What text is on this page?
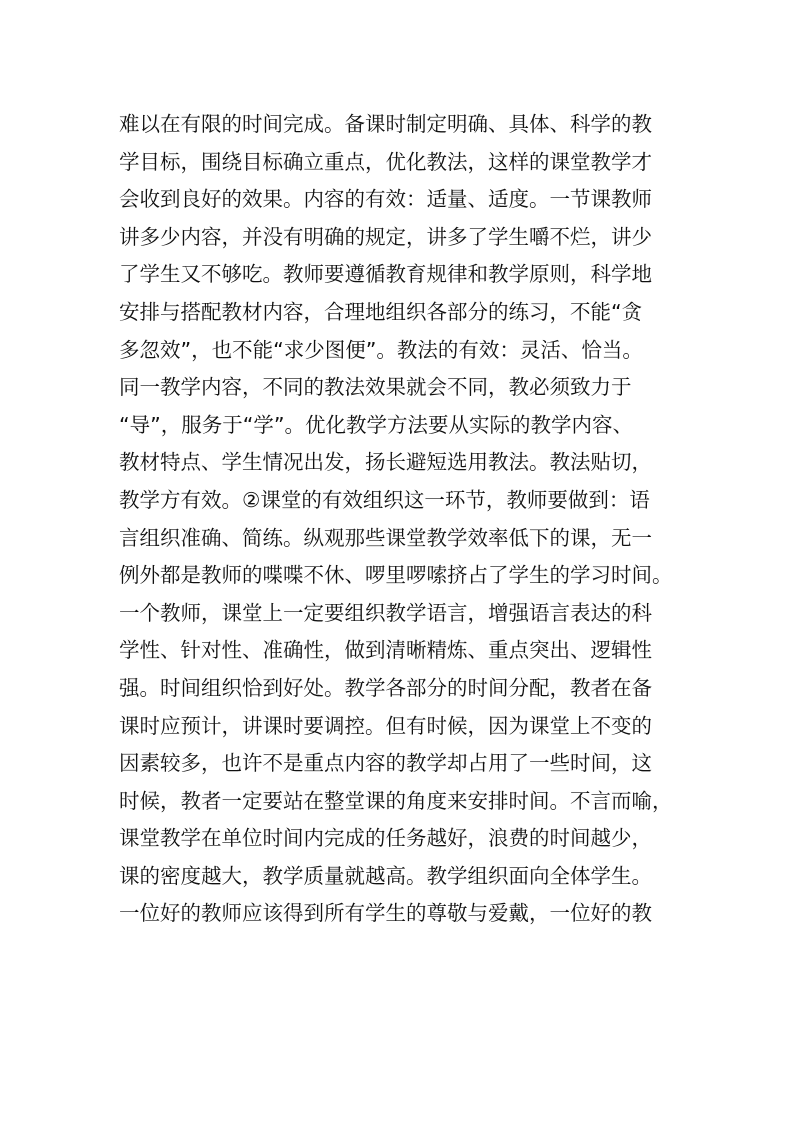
难以在有限的时间完成。备课时制定明确、具体、科学的教
学目标，围绕目标确立重点，优化教法，这样的课堂教学才
会收到良好的效果。内容的有效：适量、适度。一节课教师
讲多少内容，并没有明确的规定，讲多了学生嚼不烂，讲少
了学生又不够吃。教师要遵循教育规律和教学原则，科学地
安排与搭配教材内容，合理地组织各部分的练习，不能“贪
多忽效”，也不能“求少图便”。教法的有效：灵活、恰当。
同一教学内容，不同的教法效果就会不同，教必须致力于
“导”，服务于“学”。优化教学方法要从实际的教学内容、
教材特点、学生情况出发，扬长避短选用教法。教法贴切，
教学方有效。②课堂的有效组织这一环节，教师要做到：语
言组织准确、简练。纵观那些课堂教学效率低下的课，无一
例外都是教师的喋喋不休、啰里啰嗦挤占了学生的学习时间。
一个教师，课堂上一定要组织教学语言，增强语言表达的科
学性、针对性、准确性，做到清晰精炼、重点突出、逻辑性
强。时间组织恰到好处。教学各部分的时间分配，教者在备
课时应预计，讲课时要调控。但有时候，因为课堂上不变的
因素较多，也许不是重点内容的教学却占用了一些时间，这
时候，教者一定要站在整堂课的角度来安排时间。不言而喻，
课堂教学在单位时间内完成的任务越好，浪费的时间越少，
课的密度越大，教学质量就越高。教学组织面向全体学生。
一位好的教师应该得到所有学生的尊敬与爱戴，一位好的教
